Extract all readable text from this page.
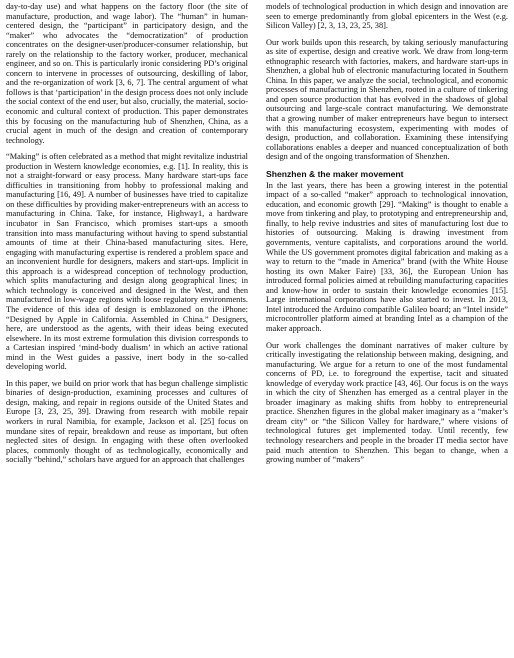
day-to-day use) and what happens on the factory floor (the site of manufacture, production, and wage labor). The “human” in human-centered design, the “participant” in participatory design, and the “maker” who advocates the “democratization” of production concentrates on the designer-user/producer-consumer relationship, but rarely on the relationship to the factory worker, producer, mechanical engineer, and so on. This is particularly ironic considering PD’s original concern to intervene in processes of outsourcing, deskilling of labor, and the re-organization of work [3, 6, 7]. The central argument of what follows is that ‘participation’ in the design process does not only include the social context of the end user, but also, crucially, the material, socio-economic and cultural context of production. This paper demonstrates this by focusing on the manufacturing hub of Shenzhen, China, as a crucial agent in much of the design and creation of contemporary technology.

“Making” is often celebrated as a method that might revitalize industrial production in Western knowledge economies, e.g. [1]. In reality, this is not a straight-forward or easy process. Many hardware start-ups face difficulties in transitioning from hobby to professional making and manufacturing [16, 49]. A number of businesses have tried to capitalize on these difficulties by providing maker-entrepreneurs with an access to manufacturing in China. Take, for instance, Highway1, a hardware incubator in San Francisco, which promises start-ups a smooth transition into mass manufacturing without having to spend substantial amounts of time at their China-based manufacturing sites. Here, engaging with manufacturing expertise is rendered a problem space and an inconvenient hurdle for designers, makers and start-ups. Implicit in this approach is a widespread conception of technology production, which splits manufacturing and design along geographical lines; in which technology is conceived and designed in the West, and then manufactured in low-wage regions with loose regulatory environments. The evidence of this idea of design is emblazoned on the iPhone: “Designed by Apple in California. Assembled in China.” Designers, here, are understood as the agents, with their ideas being executed elsewhere. In its most extreme formulation this division corresponds to a Cartesian inspired ‘mind-body dualism’ in which an active rational mind in the West guides a passive, inert body in the so-called developing world.

In this paper, we build on prior work that has begun challenge simplistic binaries of design-production, examining processes and cultures of design, making, and repair in regions outside of the United States and Europe [3, 23, 25, 39]. Drawing from research with mobile repair workers in rural Namibia, for example, Jackson et al. [25] focus on mundane sites of repair, breakdown and reuse as important, but often neglected sites of design. In engaging with these often overlooked places, commonly thought of as technologically, economically and socially “behind,” scholars have argued for an approach that challenges

models of technological production in which design and innovation are seen to emerge predominantly from global epicenters in the West (e.g. Silicon Valley) [2, 3, 13, 23, 25, 38].

Our work builds upon this research, by taking seriously manufacturing as site of expertise, design and creative work. We draw from long-term ethnographic research with factories, makers, and hardware start-ups in Shenzhen, a global hub of electronic manufacturing located in Southern China. In this paper, we analyze the social, technological, and economic processes of manufacturing in Shenzhen, rooted in a culture of tinkering and open source production that has evolved in the shadows of global outsourcing and large-scale contract manufacturing. We demonstrate that a growing number of maker entrepreneurs have begun to intersect with this manufacturing ecosystem, experimenting with modes of design, production, and collaboration. Examining these intensifying collaborations enables a deeper and nuanced conceptualization of both design and of the ongoing transformation of Shenzhen.

Shenzhen & the maker movement

In the last years, there has been a growing interest in the potential impact of a so-called “maker” approach to technological innovation, education, and economic growth [29]. “Making” is thought to enable a move from tinkering and play, to prototyping and entrepreneurship and, finally, to help revive industries and sites of manufacturing lost due to histories of outsourcing. Making is drawing investment from governments, venture capitalists, and corporations around the world. While the US government promotes digital fabrication and making as a way to return to the “made in America” brand (with the White House hosting its own Maker Faire) [33, 36], the European Union has introduced formal policies aimed at rebuilding manufacturing capacities and know-how in order to sustain their knowledge economies [15]. Large international corporations have also started to invest. In 2013, Intel introduced the Arduino compatible Galileo board; an “Intel inside” microcontroller platform aimed at branding Intel as a champion of the maker approach.

Our work challenges the dominant narratives of maker culture by critically investigating the relationship between making, designing, and manufacturing. We argue for a return to one of the most fundamental concerns of PD, i.e. to foreground the expertise, tacit and situated knowledge of everyday work practice [43, 46]. Our focus is on the ways in which the city of Shenzhen has emerged as a central player in the broader imaginary as making shifts from hobby to entrepreneurial practice. Shenzhen figures in the global maker imaginary as a “maker’s dream city” or “the Silicon Valley for hardware,” where visions of technological futures get implemented today. Until recently, few technology researchers and people in the broader IT media sector have paid much attention to Shenzhen. This began to change, when a growing number of “makers”
